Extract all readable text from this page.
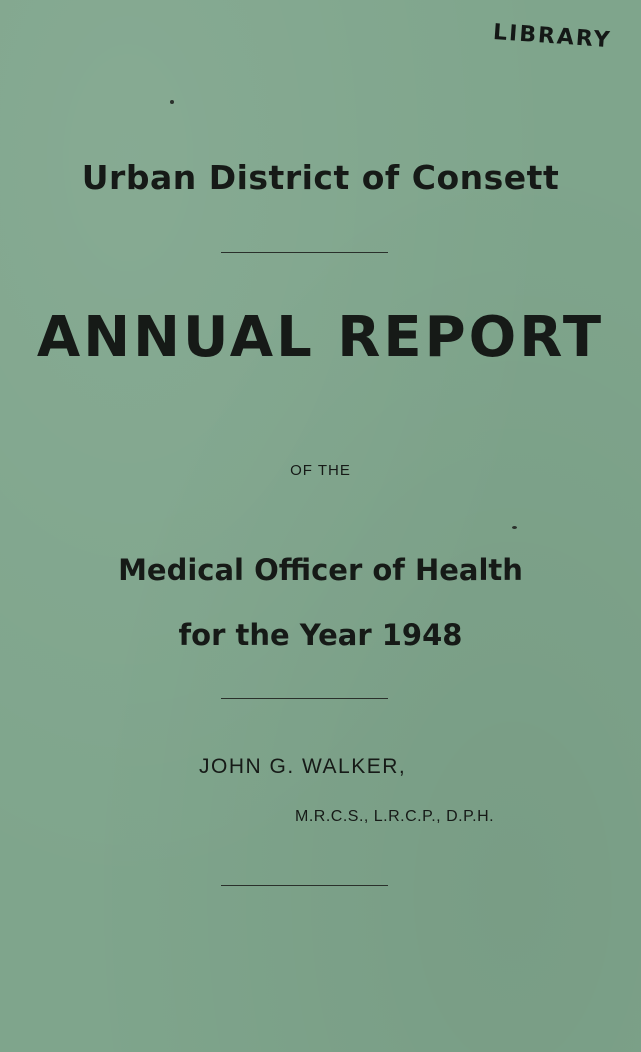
LIBRARY
Urban District of Consett
ANNUAL REPORT
OF THE
Medical Officer of Health
for the Year 1948
JOHN G. WALKER,
M.R.C.S., L.R.C.P., D.P.H.
